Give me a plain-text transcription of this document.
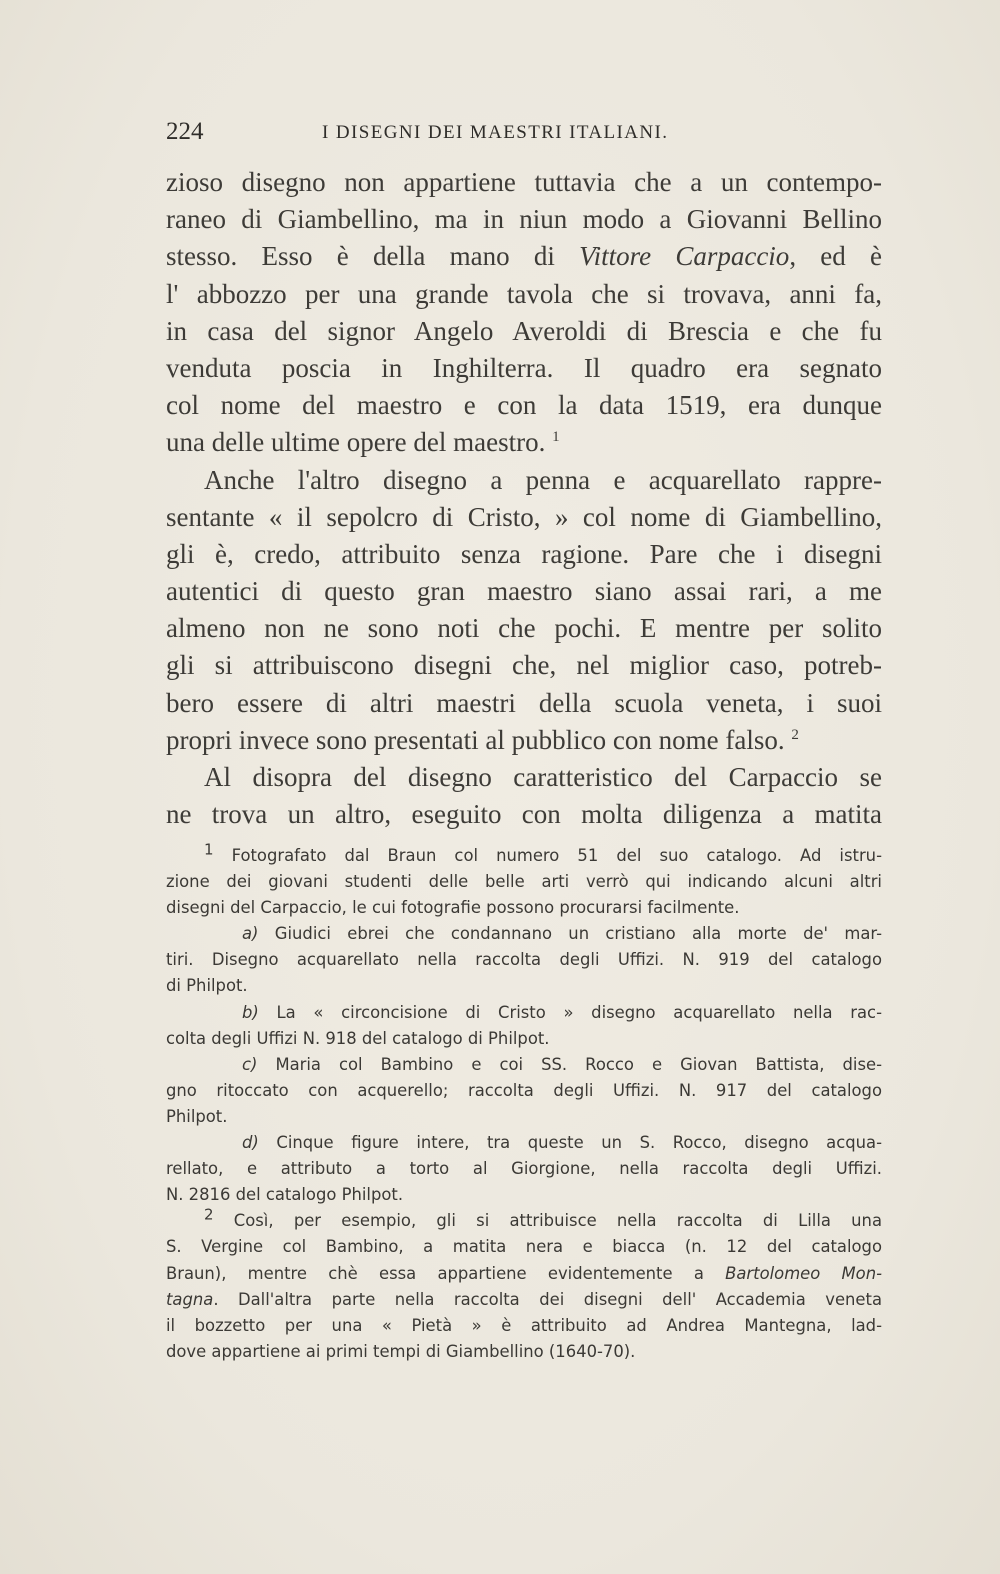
224	I DISEGNI DEI MAESTRI ITALIANI.
zioso disegno non appartiene tuttavia che a un contempo-
raneo di Giambellino, ma in niun modo a Giovanni Bellino
stesso. Esso è della mano di Vittore Carpaccio, ed è
l' abbozzo per una grande tavola che si trovava, anni fa,
in casa del signor Angelo Averoldi di Brescia e che fu
venduta poscia in Inghilterra. Il quadro era segnato
col nome del maestro e con la data 1519, era dunque
una delle ultime opere del maestro. $^1$
Anche l'altro disegno a penna e acquarellato rappre-
sentante « il sepolcro di Cristo, » col nome di Giambellino,
gli è, credo, attribuito senza ragione. Pare che i disegni
autentici di questo gran maestro siano assai rari, a me
almeno non ne sono noti che pochi. E mentre per solito
gli si attribuiscono disegni che, nel miglior caso, potreb-
bero essere di altri maestri della scuola veneta, i suoi
propri invece sono presentati al pubblico con nome falso. $^2$
Al disopra del disegno caratteristico del Carpaccio se
ne trova un altro, eseguito con molta diligenza a matita
1 Fotografato dal Braun col numero 51 del suo catalogo. Ad istru-
zione dei giovani studenti delle belle arti verrò qui indicando alcuni altri
disegni del Carpaccio, le cui fotografie possono procurarsi facilmente.
a) Giudici ebrei che condannano un cristiano alla morte de' mar-
tiri. Disegno acquarellato nella raccolta degli Uffizi. N. 919 del catalogo
di Philpot.
b) La « circoncisione di Cristo » disegno acquarellato nella rac-
colta degli Uffizi N. 918 del catalogo di Philpot.
c) Maria col Bambino e coi SS. Rocco e Giovan Battista, dise-
gno ritoccato con acquerello; raccolta degli Uffizi. N. 917 del catalogo
Philpot.
d) Cinque figure intere, tra queste un S. Rocco, disegno acqua-
rellato, e attributo a torto al Giorgione, nella raccolta degli Uffizi.
N. 2816 del catalogo Philpot.
2 Così, per esempio, gli si attribuisce nella raccolta di Lilla una
S. Vergine col Bambino, a matita nera e biacca (n. 12 del catalogo
Braun), mentre chè essa appartiene evidentemente a Bartolomeo Mon-
tagna. Dall'altra parte nella raccolta dei disegni dell' Accademia veneta
il bozzetto per una « Pietà » è attribuito ad Andrea Mantegna, lad-
dove appartiene ai primi tempi di Giambellino (1640-70).
